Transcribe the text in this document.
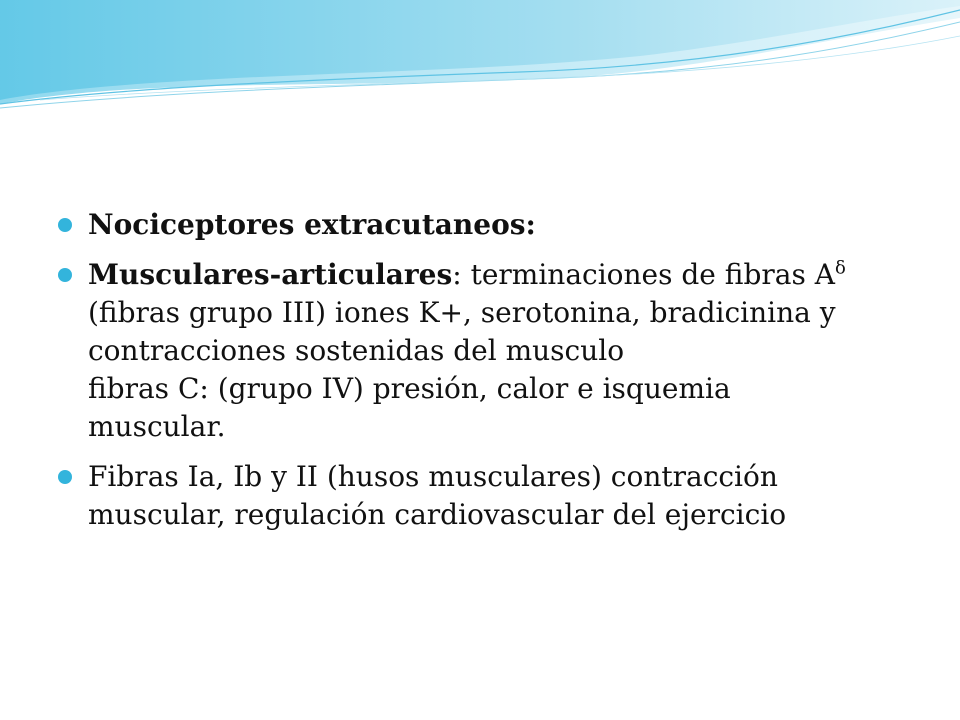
Nociceptores extracutaneos:
Musculares-articulares: terminaciones de fibras $A^\delta$
(fibras grupo III) iones K+, serotonina, bradicinina y
contracciones sostenidas del musculo
fibras C: (grupo IV) presión, calor e isquemia
muscular.
Fibras Ia, Ib y II (husos musculares) contracción
muscular, regulación cardiovascular del ejercicio
